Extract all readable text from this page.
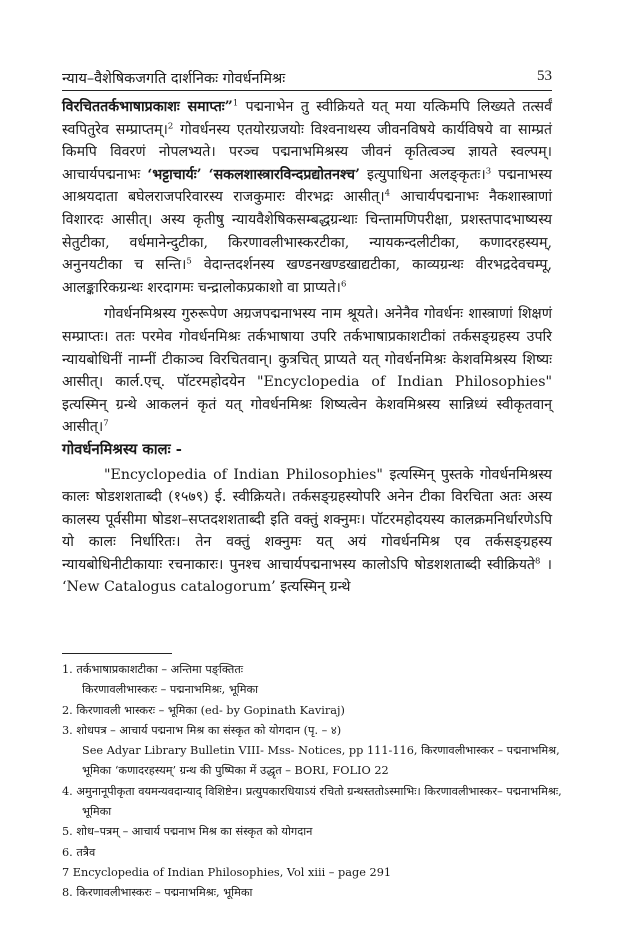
न्याय–वैशेषिकजगति दार्शनिकः गोवर्धनमिश्रः	53

विरचिततर्कभाषाप्रकाशः समाप्तः”$^1$ पद्मनाभेन तु स्वीक्रियते यत् मया यत्किमपि लिख्यते तत्सर्वं स्वपितुरेव सम्प्राप्तम्।$^2$ गोवर्धनस्य एतयोरग्रजयोः विश्वनाथस्य जीवनविषये कार्यविषये वा साम्प्रतं किमपि विवरणं नोपलभ्यते। परञ्च पद्मनाभमिश्रस्य जीवनं कृतित्वञ्च ज्ञायते स्वल्पम्। आचार्यपद्मनाभः ‘भट्टाचार्यः’ ‘सकलशास्त्रारविन्दप्रद्योतनश्च’ इत्युपाधिना अलङ्कृतः।$^3$ पद्मनाभस्य आश्रयदाता बघेलराजपरिवारस्य राजकुमारः वीरभद्रः आसीत्।$^4$ आचार्यपद्मनाभः नैकशास्त्राणां विशारदः आसीत्। अस्य कृतीषु न्यायवैशेषिकसम्बद्धग्रन्थाः चिन्तामणिपरीक्षा, प्रशस्तपादभाष्यस्य सेतुटीका, वर्धमानेन्दुटीका, किरणावलीभास्करटीका, न्यायकन्दलीटीका, कणादरहस्यम्, अनुनयटीका च सन्ति।$^5$ वेदान्तदर्शनस्य खण्डनखण्डखाद्यटीका, काव्यग्रन्थः वीरभद्रदेवचम्पू, आलङ्कारिकग्रन्थः शरदागमः चन्द्रालोकप्रकाशो वा प्राप्यते।$^6$

गोवर्धनमिश्रस्य गुरुरूपेण अग्रजपद्मनाभस्य नाम श्रूयते। अनेनैव गोवर्धनः शास्त्राणां शिक्षणं सम्प्राप्तः। ततः परमेव गोवर्धनमिश्रः तर्कभाषाया उपरि तर्कभाषाप्रकाशटीकां तर्कसङ्ग्रहस्य उपरि न्यायबोधिनीं नाम्नीं टीकाञ्च विरचितवान्। कुत्रचित् प्राप्यते यत् गोवर्धनमिश्रः केशवमिश्रस्य शिष्यः आसीत्। कार्ल.एच्. पॉटरमहोदयेन "Encyclopedia of Indian Philosophies" इत्यस्मिन् ग्रन्थे आकलनं कृतं यत् गोवर्धनमिश्रः शिष्यत्वेन केशवमिश्रस्य सान्निध्यं स्वीकृतवान् आसीत्।$^7$

गोवर्धनमिश्रस्य कालः -

"Encyclopedia of Indian Philosophies" इत्यस्मिन् पुस्तके गोवर्धनमिश्रस्य कालः षोडशशताब्दी (१५७९) ई. स्वीक्रियते। तर्कसङ्ग्रहस्योपरि अनेन टीका विरचिता अतः अस्य कालस्य पूर्वसीमा षोडश–सप्तदशशताब्दी इति वक्तुं शक्नुमः। पॉटरमहोदयस्य कालक्रमनिर्धारणेऽपि यो कालः निर्धारितः। तेन वक्तुं शक्नुमः यत् अयं गोवर्धनमिश्र एव तर्कसङ्ग्रहस्य न्यायबोधिनीटीकायाः रचनाकारः। पुनश्च आचार्यपद्मनाभस्य कालोऽपि षोडशशताब्दी स्वीक्रियते$^8$ । ‘New Catalogus catalogorum’ इत्यस्मिन् ग्रन्थे

1. तर्कभाषाप्रकाशटीका – अन्तिमा पङ्क्तितः
किरणावलीभास्करः – पद्मनाभमिश्रः, भूमिका
2. किरणावली भास्करः – भूमिका (ed- by Gopinath Kaviraj)
3. शोधपत्र – आचार्य पद्मनाभ मिश्र का संस्कृत को योगदान (पृ. – ४)
See Adyar Library Bulletin VIII- Mss- Notices, pp 111-116, किरणावलीभास्कर – पद्मनाभमिश्र,
भूमिका ‘कणादरहस्यम्’ ग्रन्थ की पुष्पिका में उद्धृत – BORI, FOLIO 22
4. अमुनानूपीकृता वयमन्यवदान्याद् विशिष्टेन। प्रत्युपकारधियाऽयं रचितो ग्रन्थस्ततोऽस्माभिः। किरणावलीभास्कर– पद्मनाभमिश्रः, भूमिका
5. शोध–पत्रम् – आचार्य पद्मनाभ मिश्र का संस्कृत को योगदान
6. तत्रैव
7 Encyclopedia of Indian Philosophies, Vol xiii – page 291
8. किरणावलीभास्करः – पद्मनाभमिश्रः, भूमिका
